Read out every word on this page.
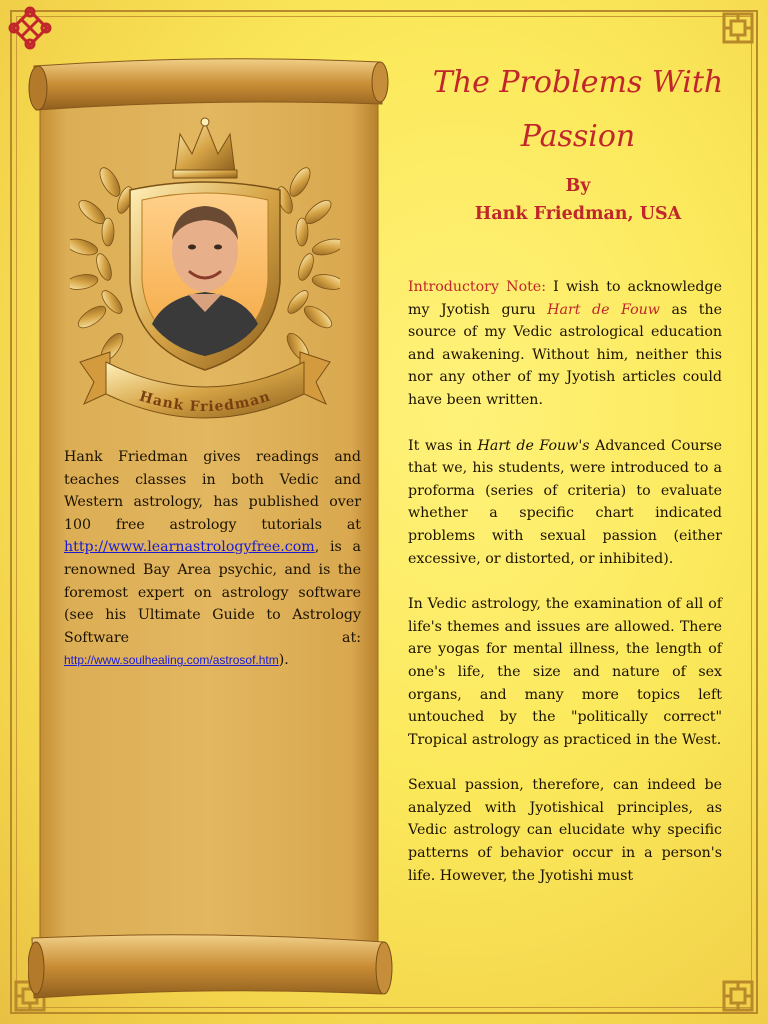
Hank Friedman
Hank Friedman gives readings and teaches classes in both Vedic and Western astrology, has published over 100 free astrology tutorials at http://www.learnastrologyfree.com, is a renowned Bay Area psychic, and is the foremost expert on astrology software (see his Ultimate Guide to Astrology Software at: http://www.soulhealing.com/astrosof.htm).
The Problems With Passion
By
Hank Friedman, USA

Introductory Note: I wish to acknowledge my Jyotish guru Hart de Fouw as the source of my Vedic astrological education and awakening. Without him, neither this nor any other of my Jyotish articles could have been written.

It was in Hart de Fouw's Advanced Course that we, his students, were introduced to a proforma (series of criteria) to evaluate whether a specific chart indicated problems with sexual passion (either excessive, or distorted, or inhibited).

In Vedic astrology, the examination of all of life's themes and issues are allowed. There are yogas for mental illness, the length of one's life, the size and nature of sex organs, and many more topics left untouched by the "politically correct" Tropical astrology as practiced in the West.

Sexual passion, therefore, can indeed be analyzed with Jyotishical principles, as Vedic astrology can elucidate why specific patterns of behavior occur in a person's life. However, the Jyotishi must
